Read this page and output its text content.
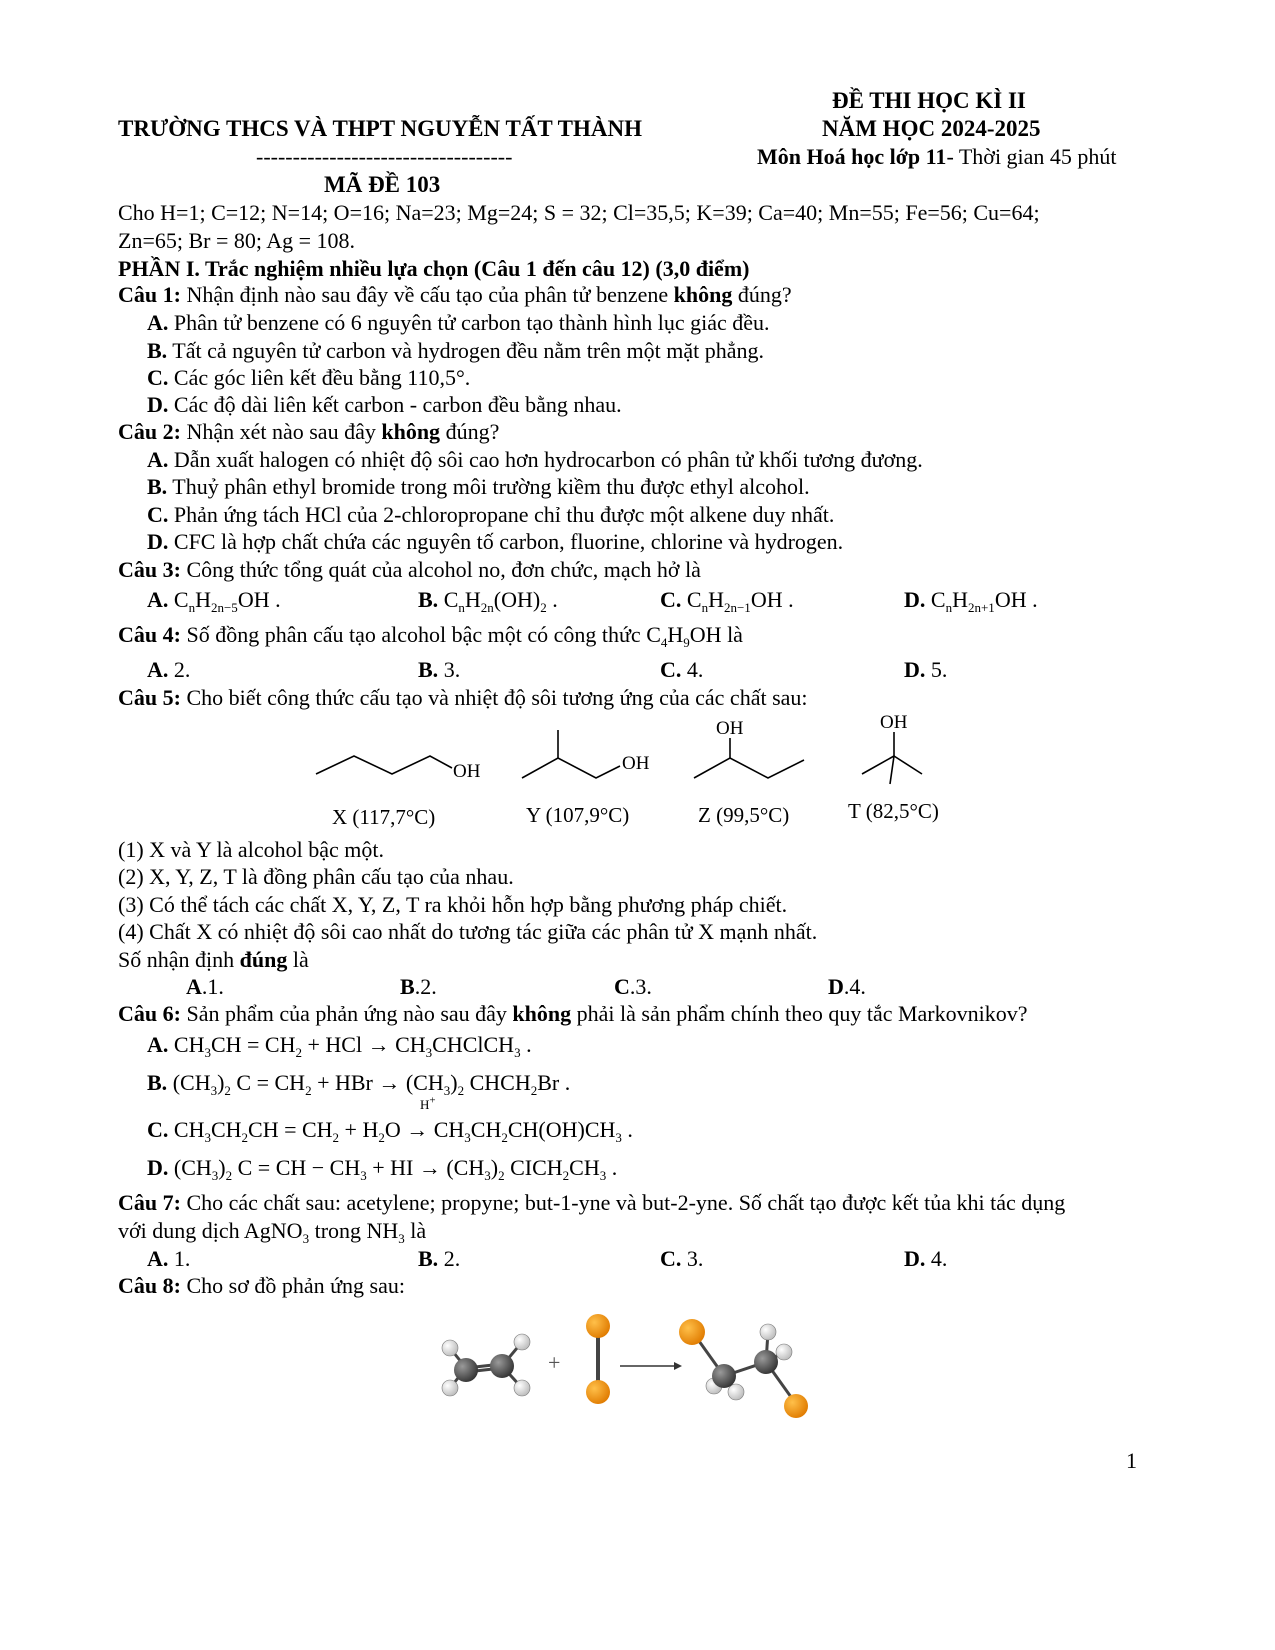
ĐỀ THI HỌC KÌ II
TRƯỜNG THCS VÀ THPT NGUYỄN TẤT THÀNH	NĂM HỌC 2024-2025
-----------------------------------	Môn Hoá học lớp 11- Thời gian 45 phút
MÃ ĐỀ 103
Cho H=1; C=12; N=14; O=16; Na=23; Mg=24; S = 32; Cl=35,5; K=39; Ca=40; Mn=55; Fe=56; Cu=64;
Zn=65; Br = 80; Ag = 108.
PHẦN I. Trắc nghiệm nhiều lựa chọn (Câu 1 đến câu 12) (3,0 điểm)
Câu 1: Nhận định nào sau đây về cấu tạo của phân tử benzene không đúng?
A. Phân tử benzene có 6 nguyên tử carbon tạo thành hình lục giác đều.
B. Tất cả nguyên tử carbon và hydrogen đều nằm trên một mặt phẳng.
C. Các góc liên kết đều bằng 110,5°.
D. Các độ dài liên kết carbon - carbon đều bằng nhau.
Câu 2: Nhận xét nào sau đây không đúng?
A. Dẫn xuất halogen có nhiệt độ sôi cao hơn hydrocarbon có phân tử khối tương đương.
B. Thuỷ phân ethyl bromide trong môi trường kiềm thu được ethyl alcohol.
C. Phản ứng tách HCl của 2-chloropropane chỉ thu được một alkene duy nhất.
D. CFC là hợp chất chứa các nguyên tố carbon, fluorine, chlorine và hydrogen.
Câu 3: Công thức tổng quát của alcohol no, đơn chức, mạch hở là
A. $C_nH_{2n-5}OH$ .	B. $C_nH_{2n}(OH)_2$ .	C. $C_nH_{2n-1}OH$ .	D. $C_nH_{2n+1}OH$ .
Câu 4: Số đồng phân cấu tạo alcohol bậc một có công thức $C_4H_9OH$ là
A. 2.	B. 3.	C. 4.	D. 5.
Câu 5: Cho biết công thức cấu tạo và nhiệt độ sôi tương ứng của các chất sau:
OH	OH
OH	OH
X (117,7°C)	Y (107,9°C)	Z (99,5°C)	T (82,5°C)
(1) X và Y là alcohol bậc một.
(2) X, Y, Z, T là đồng phân cấu tạo của nhau.
(3) Có thể tách các chất X, Y, Z, T ra khỏi hỗn hợp bằng phương pháp chiết.
(4) Chất X có nhiệt độ sôi cao nhất do tương tác giữa các phân tử X mạnh nhất.
Số nhận định đúng là
A.1.	B.2.	C.3.	D.4.
Câu 6: Sản phẩm của phản ứng nào sau đây không phải là sản phẩm chính theo quy tắc Markovnikov?
A. $CH_3CH = CH_2$ + HCl → $CH_3CHClCH_3$ .
B. $(CH_3)_2$ $C = CH_2$ + HBr → $(CH_3)_2$ $CHCH_2Br$ .
H+
C. $CH_3CH_2CH = CH_2 + H_2O \to CH_3CH_2CH(OH)CH_3$ .
D. $(CH_3)_2$ C = CH − $CH_3$ + HI → $(CH_3)_2$ $CICH_2CH_3$ .
Câu 7: Cho các chất sau: acetylene; propyne; but-1-yne và but-2-yne. Số chất tạo được kết tủa khi tác dụng
với dung dịch AgNO$_3$ trong $NH_3$ là
A. 1.	B. 2.	C. 3.	D. 4.
Câu 8: Cho sơ đồ phản ứng sau:
+
1
